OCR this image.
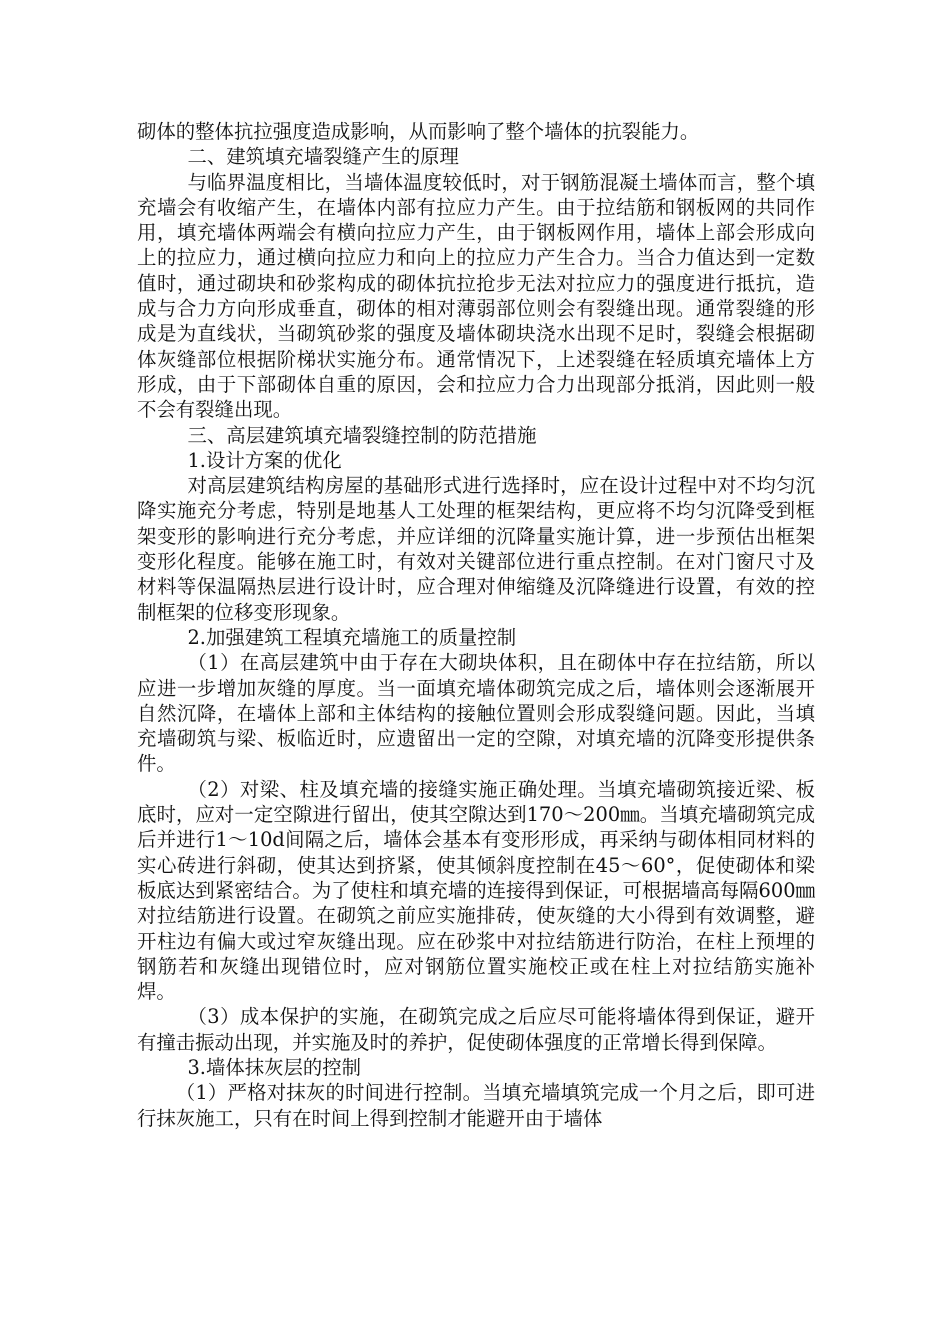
砌体的整体抗拉强度造成影响，从而影响了整个墙体的抗裂能力。

二、建筑填充墙裂缝产生的原理

与临界温度相比，当墙体温度较低时，对于钢筋混凝土墙体而言，整个填充墙会有收缩产生，在墙体内部有拉应力产生。由于拉结筋和钢板网的共同作用，填充墙体两端会有横向拉应力产生，由于钢板网作用，墙体上部会形成向上的拉应力，通过横向拉应力和向上的拉应力产生合力。当合力值达到一定数值时，通过砌块和砂浆构成的砌体抗拉抢步无法对拉应力的强度进行抵抗，造成与合力方向形成垂直，砌体的相对薄弱部位则会有裂缝出现。通常裂缝的形成是为直线状，当砌筑砂浆的强度及墙体砌块浇水出现不足时，裂缝会根据砌体灰缝部位根据阶梯状实施分布。通常情况下，上述裂缝在轻质填充墙体上方形成，由于下部砌体自重的原因，会和拉应力合力出现部分抵消，因此则一般不会有裂缝出现。

三、高层建筑填充墙裂缝控制的防范措施

1.设计方案的优化

对高层建筑结构房屋的基础形式进行选择时，应在设计过程中对不均匀沉降实施充分考虑，特别是地基人工处理的框架结构，更应将不均匀沉降受到框架变形的影响进行充分考虑，并应详细的沉降量实施计算，进一步预估出框架变形化程度。能够在施工时，有效对关键部位进行重点控制。在对门窗尺寸及材料等保温隔热层进行设计时，应合理对伸缩缝及沉降缝进行设置，有效的控制框架的位移变形现象。

2.加强建筑工程填充墙施工的质量控制

（1）在高层建筑中由于存在大砌块体积，且在砌体中存在拉结筋，所以应进一步增加灰缝的厚度。当一面填充墙体砌筑完成之后，墙体则会逐渐展开自然沉降，在墙体上部和主体结构的接触位置则会形成裂缝问题。因此，当填充墙砌筑与梁、板临近时，应遗留出一定的空隙，对填充墙的沉降变形提供条件。

（2）对梁、柱及填充墙的接缝实施正确处理。当填充墙砌筑接近梁、板底时，应对一定空隙进行留出，使其空隙达到170～200㎜。当填充墙砌筑完成后并进行1～10d间隔之后，墙体会基本有变形形成，再采纳与砌体相同材料的实心砖进行斜砌，使其达到挤紧，使其倾斜度控制在45～60°，促使砌体和梁板底达到紧密结合。为了使柱和填充墙的连接得到保证，可根据墙高每隔600㎜对拉结筋进行设置。在砌筑之前应实施排砖，使灰缝的大小得到有效调整，避开柱边有偏大或过窄灰缝出现。应在砂浆中对拉结筋进行防治，在柱上预埋的钢筋若和灰缝出现错位时，应对钢筋位置实施校正或在柱上对拉结筋实施补焊。

（3）成本保护的实施，在砌筑完成之后应尽可能将墙体得到保证，避开有撞击振动出现，并实施及时的养护，促使砌体强度的正常增长得到保障。

3.墙体抹灰层的控制

（1）严格对抹灰的时间进行控制。当填充墙填筑完成一个月之后，即可进行抹灰施工，只有在时间上得到控制才能避开由于墙体
